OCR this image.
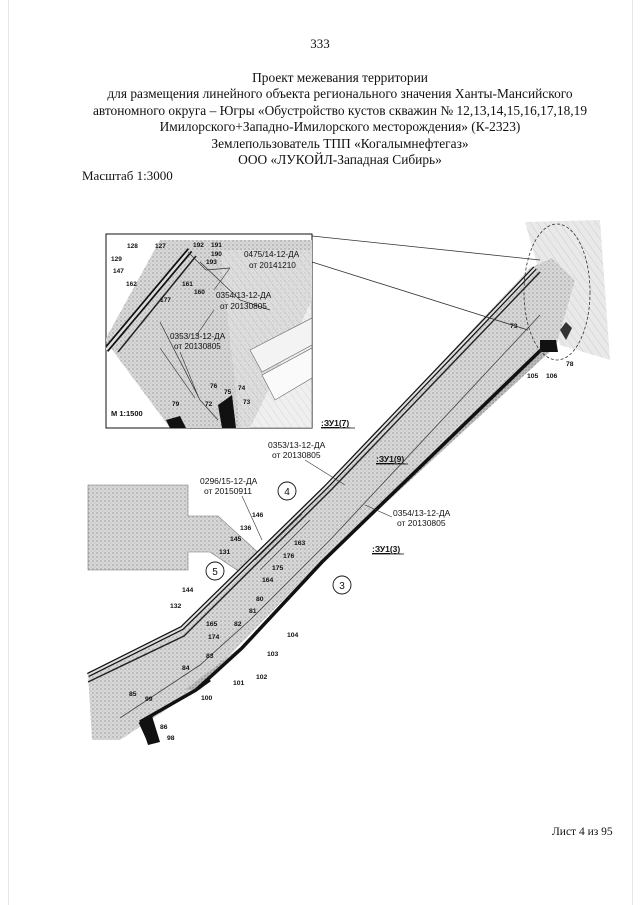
333
Проект межевания территории
для размещения линейного объекта регионального значения Ханты-Мансийского
автономного округа – Югры «Обустройство кустов скважин № 12,13,14,15,16,17,18,19
Имилорского+Западно-Имилорского месторождения» (К-2323)
Землепользователь ТПП «Когалымнефтегаз»
ООО «ЛУКОЙЛ-Западная Сибирь»
Масштаб 1:3000
4
5
3
:ЗУ1(7)
:ЗУ1(9)
:ЗУ1(3)
0353/13-12-ДА
от 20130805
0354/13-12-ДА
от 20130805
0296/15-12-ДА
от 20150911
73
78
105 106
146
136
145
131
163
176
175
164
144
132
80
81
82
165
174
83
104
103
84
101
102
100
85
99
86
98
127
128
129
147
192 191
190
193
162	161
160
177
76
75
74
73
72
79
0475/14-12-ДА
от 20141210
0354/13-12-ДА
от 20130805
0353/13-12-ДА
от 20130805
М 1:1500
Лист 4 из 95
